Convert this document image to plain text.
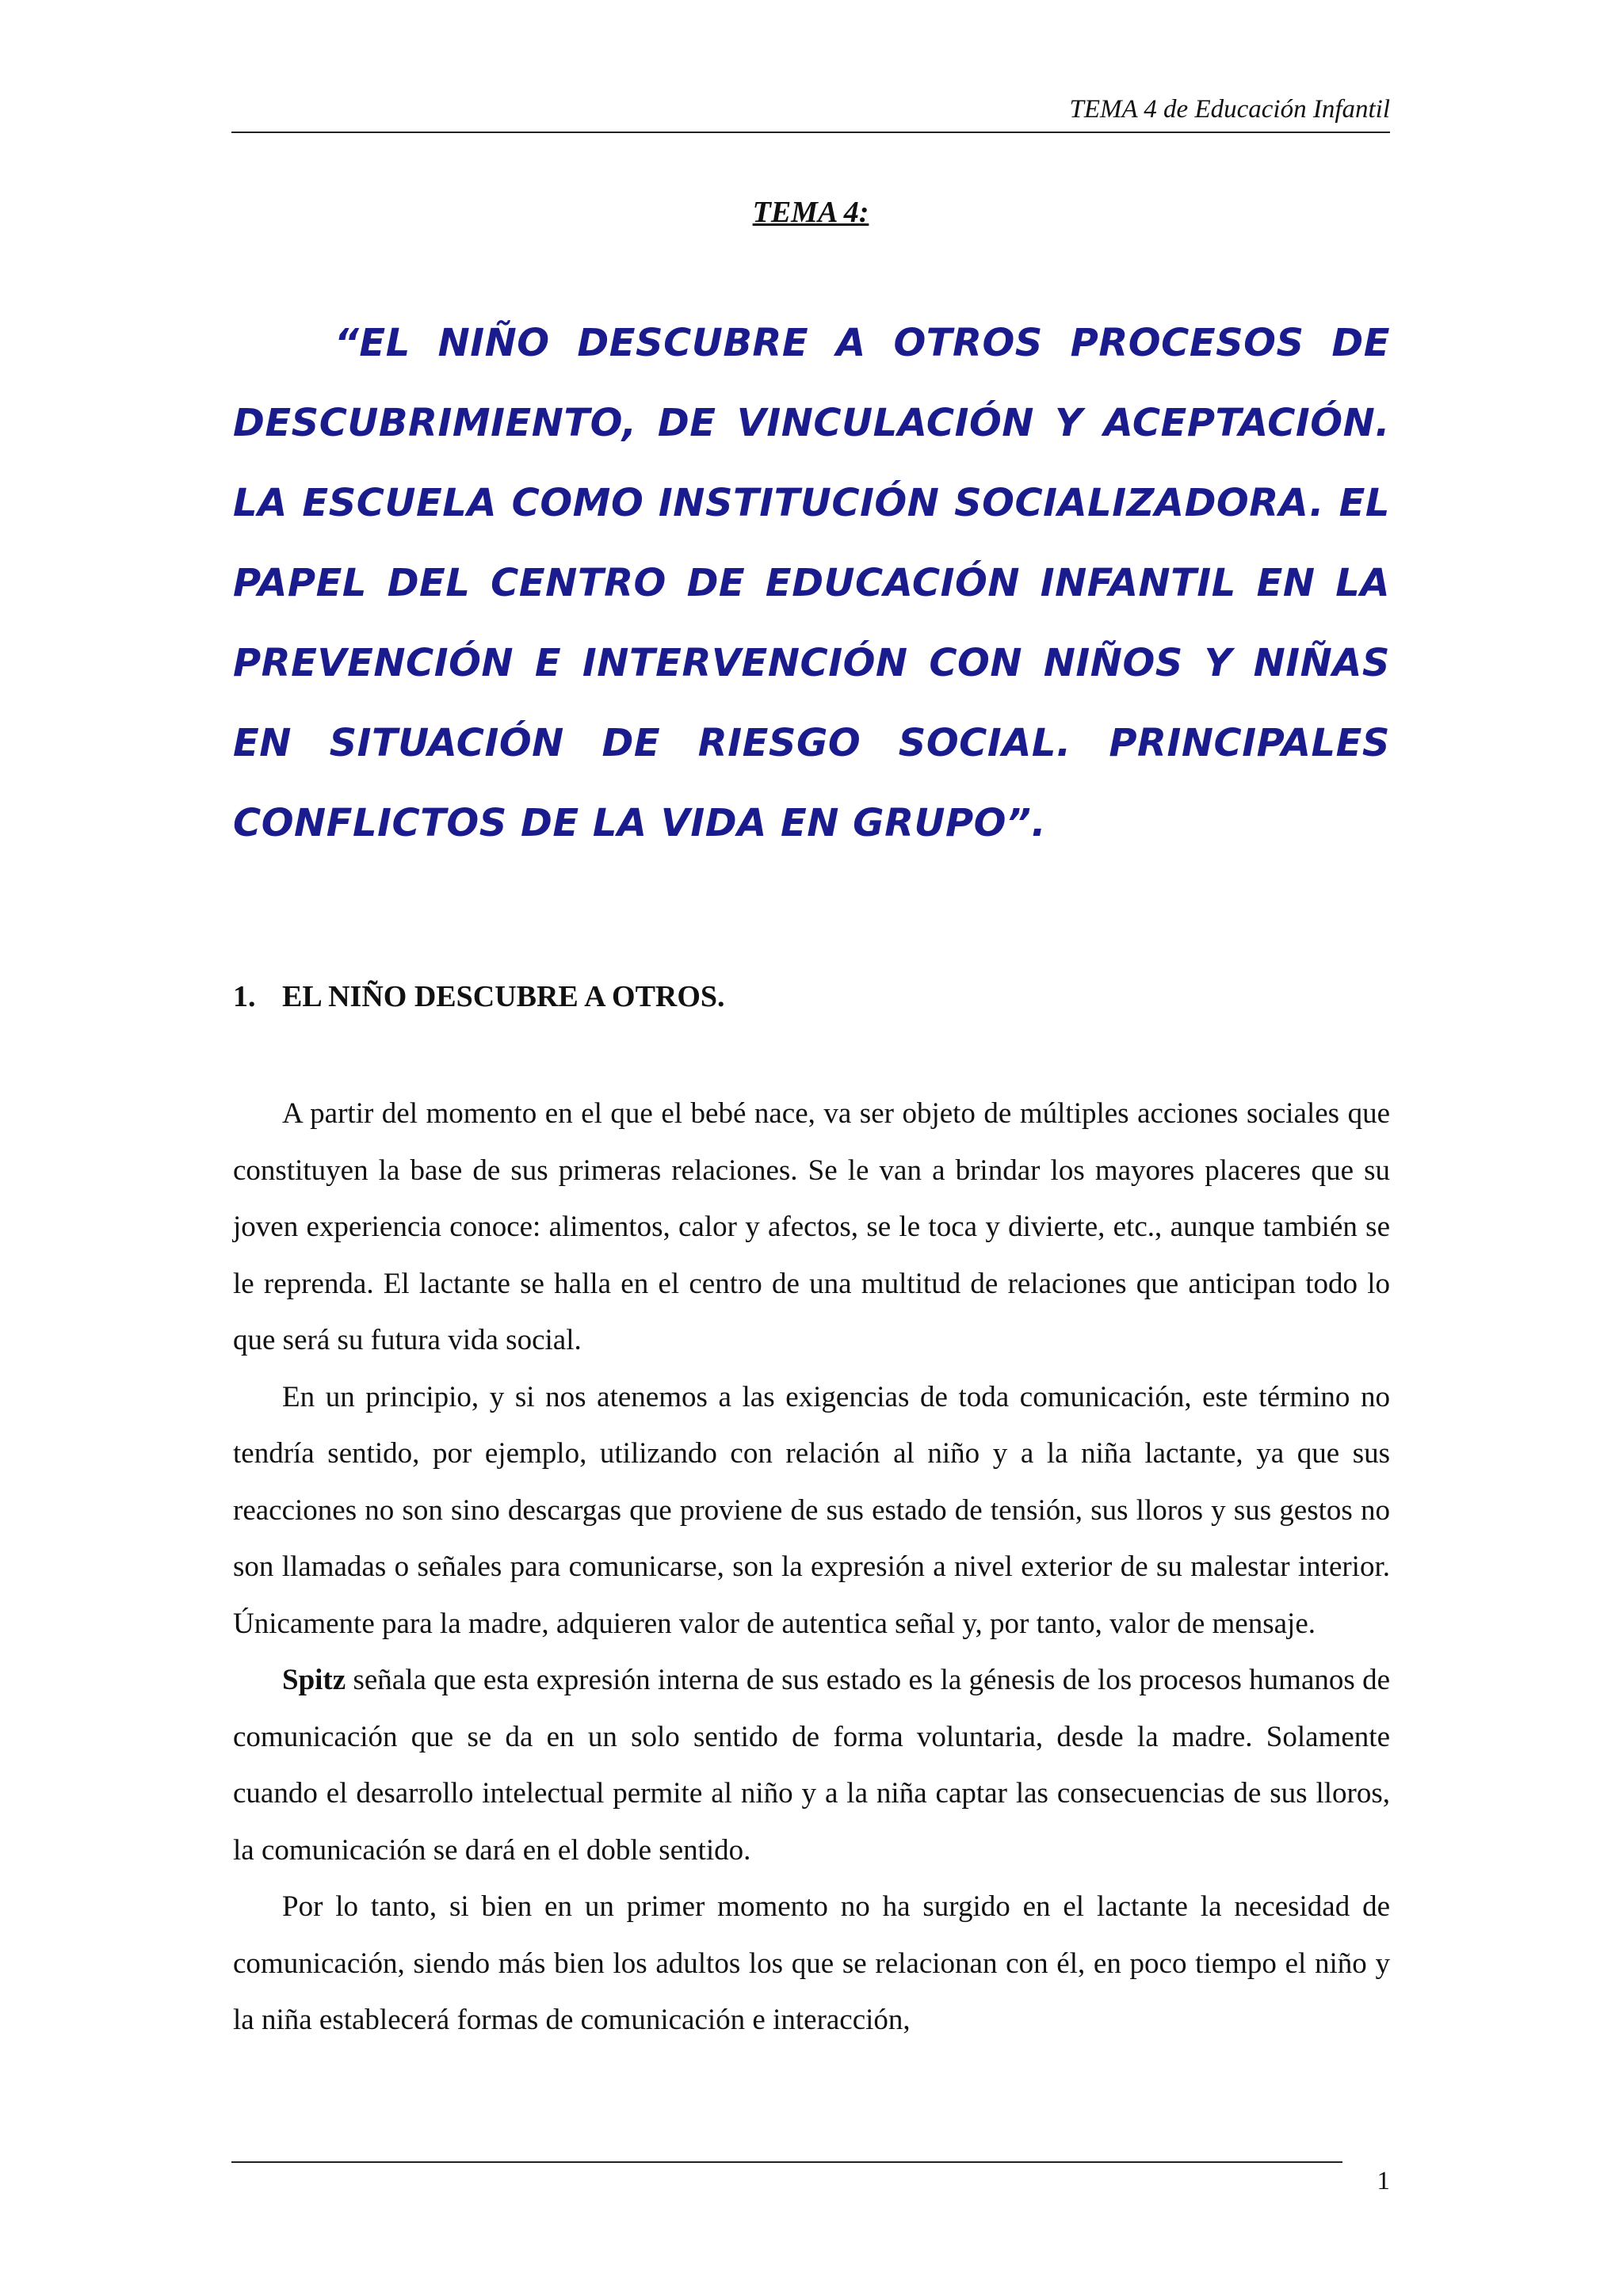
TEMA 4 de Educación Infantil
TEMA 4:
“EL NIÑO DESCUBRE A OTROS PROCESOS DE DESCUBRIMIENTO, DE VINCULACIÓN Y ACEPTACIÓN. LA ESCUELA COMO INSTITUCIÓN SOCIALIZADORA. EL PAPEL DEL CENTRO DE EDUCACIÓN INFANTIL EN LA PREVENCIÓN E INTERVENCIÓN CON NIÑOS Y NIÑAS EN SITUACIÓN DE RIESGO SOCIAL. PRINCIPALES CONFLICTOS DE LA VIDA EN GRUPO”.
1. EL NIÑO DESCUBRE A OTROS.

A partir del momento en el que el bebé nace, va ser objeto de múltiples acciones sociales que constituyen la base de sus primeras relaciones. Se le van a brindar los mayores placeres que su joven experiencia conoce: alimentos, calor y afectos, se le toca y divierte, etc., aunque también se le reprenda. El lactante se halla en el centro de una multitud de relaciones que anticipan todo lo que será su futura vida social.

En un principio, y si nos atenemos a las exigencias de toda comunicación, este término no tendría sentido, por ejemplo, utilizando con relación al niño y a la niña lactante, ya que sus reacciones no son sino descargas que proviene de sus estado de tensión, sus lloros y sus gestos no son llamadas o señales para comunicarse, son la expresión a nivel exterior de su malestar interior. Únicamente para la madre, adquieren valor de autentica señal y, por tanto, valor de mensaje.

Spitz señala que esta expresión interna de sus estado es la génesis de los procesos humanos de comunicación que se da en un solo sentido de forma voluntaria, desde la madre. Solamente cuando el desarrollo intelectual permite al niño y a la niña captar las consecuencias de sus lloros, la comunicación se dará en el doble sentido.

Por lo tanto, si bien en un primer momento no ha surgido en el lactante la necesidad de comunicación, siendo más bien los adultos los que se relacionan con él, en poco tiempo el niño y la niña establecerá formas de comunicación e interacción,

1
